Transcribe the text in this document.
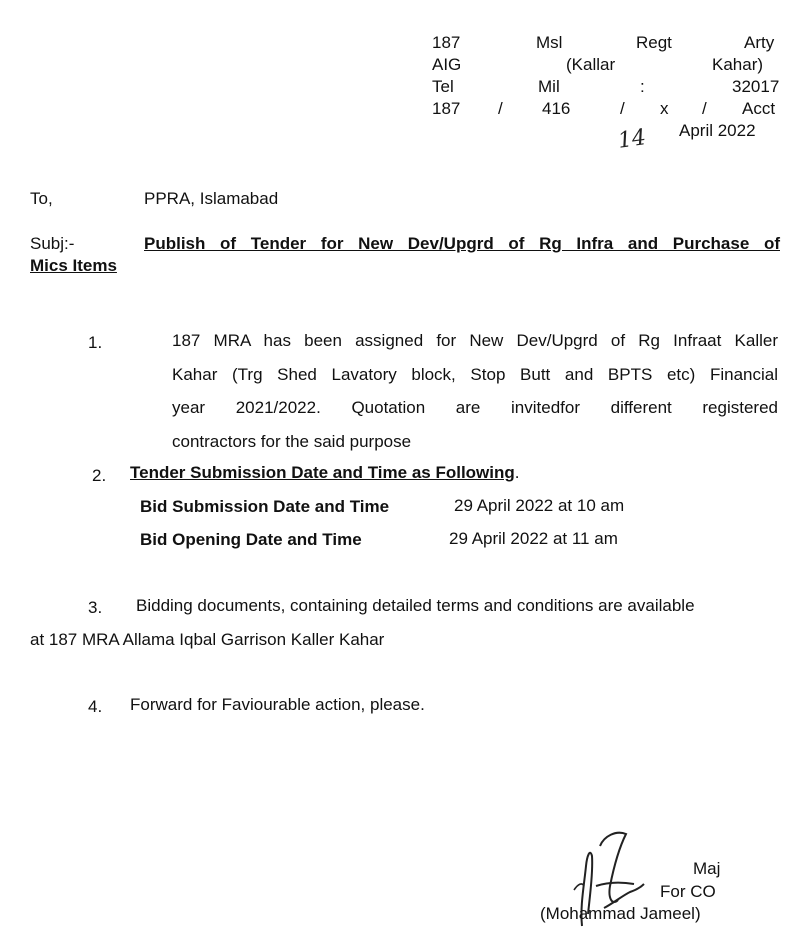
187	Msl	Regt	Arty
AIG	(Kallar	Kahar)
Tel	Mil	:	32017
187 / 416	/ x / Acct
14 April 2022
To,	PPRA, Islamabad
Subj:-	Publish of Tender for New Dev/Upgrd of Rg Infra and Purchase of
Mics Items
1.	187 MRA has been assigned for New Dev/Upgrd of Rg Infraat Kaller
Kahar (Trg Shed Lavatory block, Stop Butt and BPTS etc) Financial
year 2021/2022. Quotation are invitedfor different registered
contractors for the said purpose
2. Tender Submission Date and Time as Following.
Bid Submission Date and Time	29 April 2022 at 10 am
Bid Opening Date and Time	29 April 2022 at 11 am
3. Bidding documents, containing detailed terms and conditions are available
at 187 MRA Allama Iqbal Garrison Kaller Kahar
4. Forward for Faviourable action, please.
Maj
For CO
(Mohammad Jameel)
